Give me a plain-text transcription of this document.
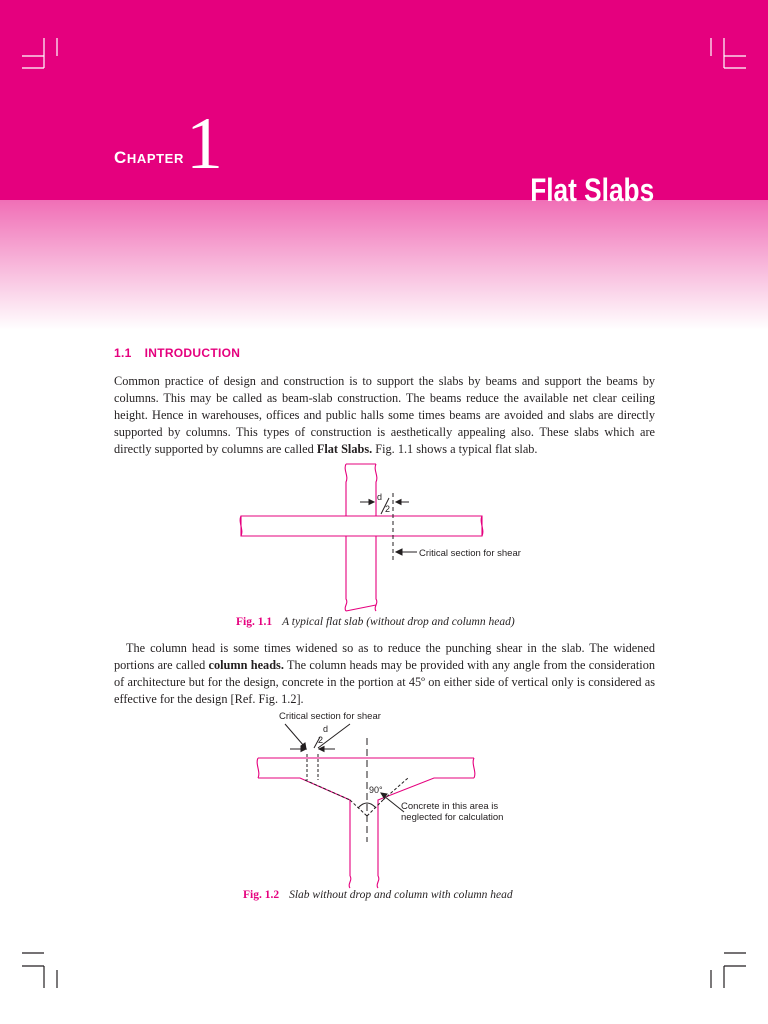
CHAPTER 1
Flat Slabs
1.1 INTRODUCTION

Common practice of design and construction is to support the slabs by beams and support the beams by columns. This may be called as beam-slab construction. The beams reduce the available net clear ceiling height. Hence in warehouses, offices and public halls some times beams are avoided and slabs are directly supported by columns. This types of construction is aesthetically appealing also. These slabs which are directly supported by columns are called Flat Slabs. Fig. 1.1 shows a typical flat slab.

d
2
Critical section for shear
Fig. 1.1 A typical flat slab (without drop and column head)

The column head is some times widened so as to reduce the punching shear in the slab. The widened portions are called column heads. The column heads may be provided with any angle from the consideration of architecture but for the design, concrete in the portion at 45º on either side of vertical only is considered as effective for the design [Ref. Fig. 1.2].

Critical section for shear
d
2
90°
Concrete in this area is
neglected for calculation
Fig. 1.2 Slab without drop and column with column head
